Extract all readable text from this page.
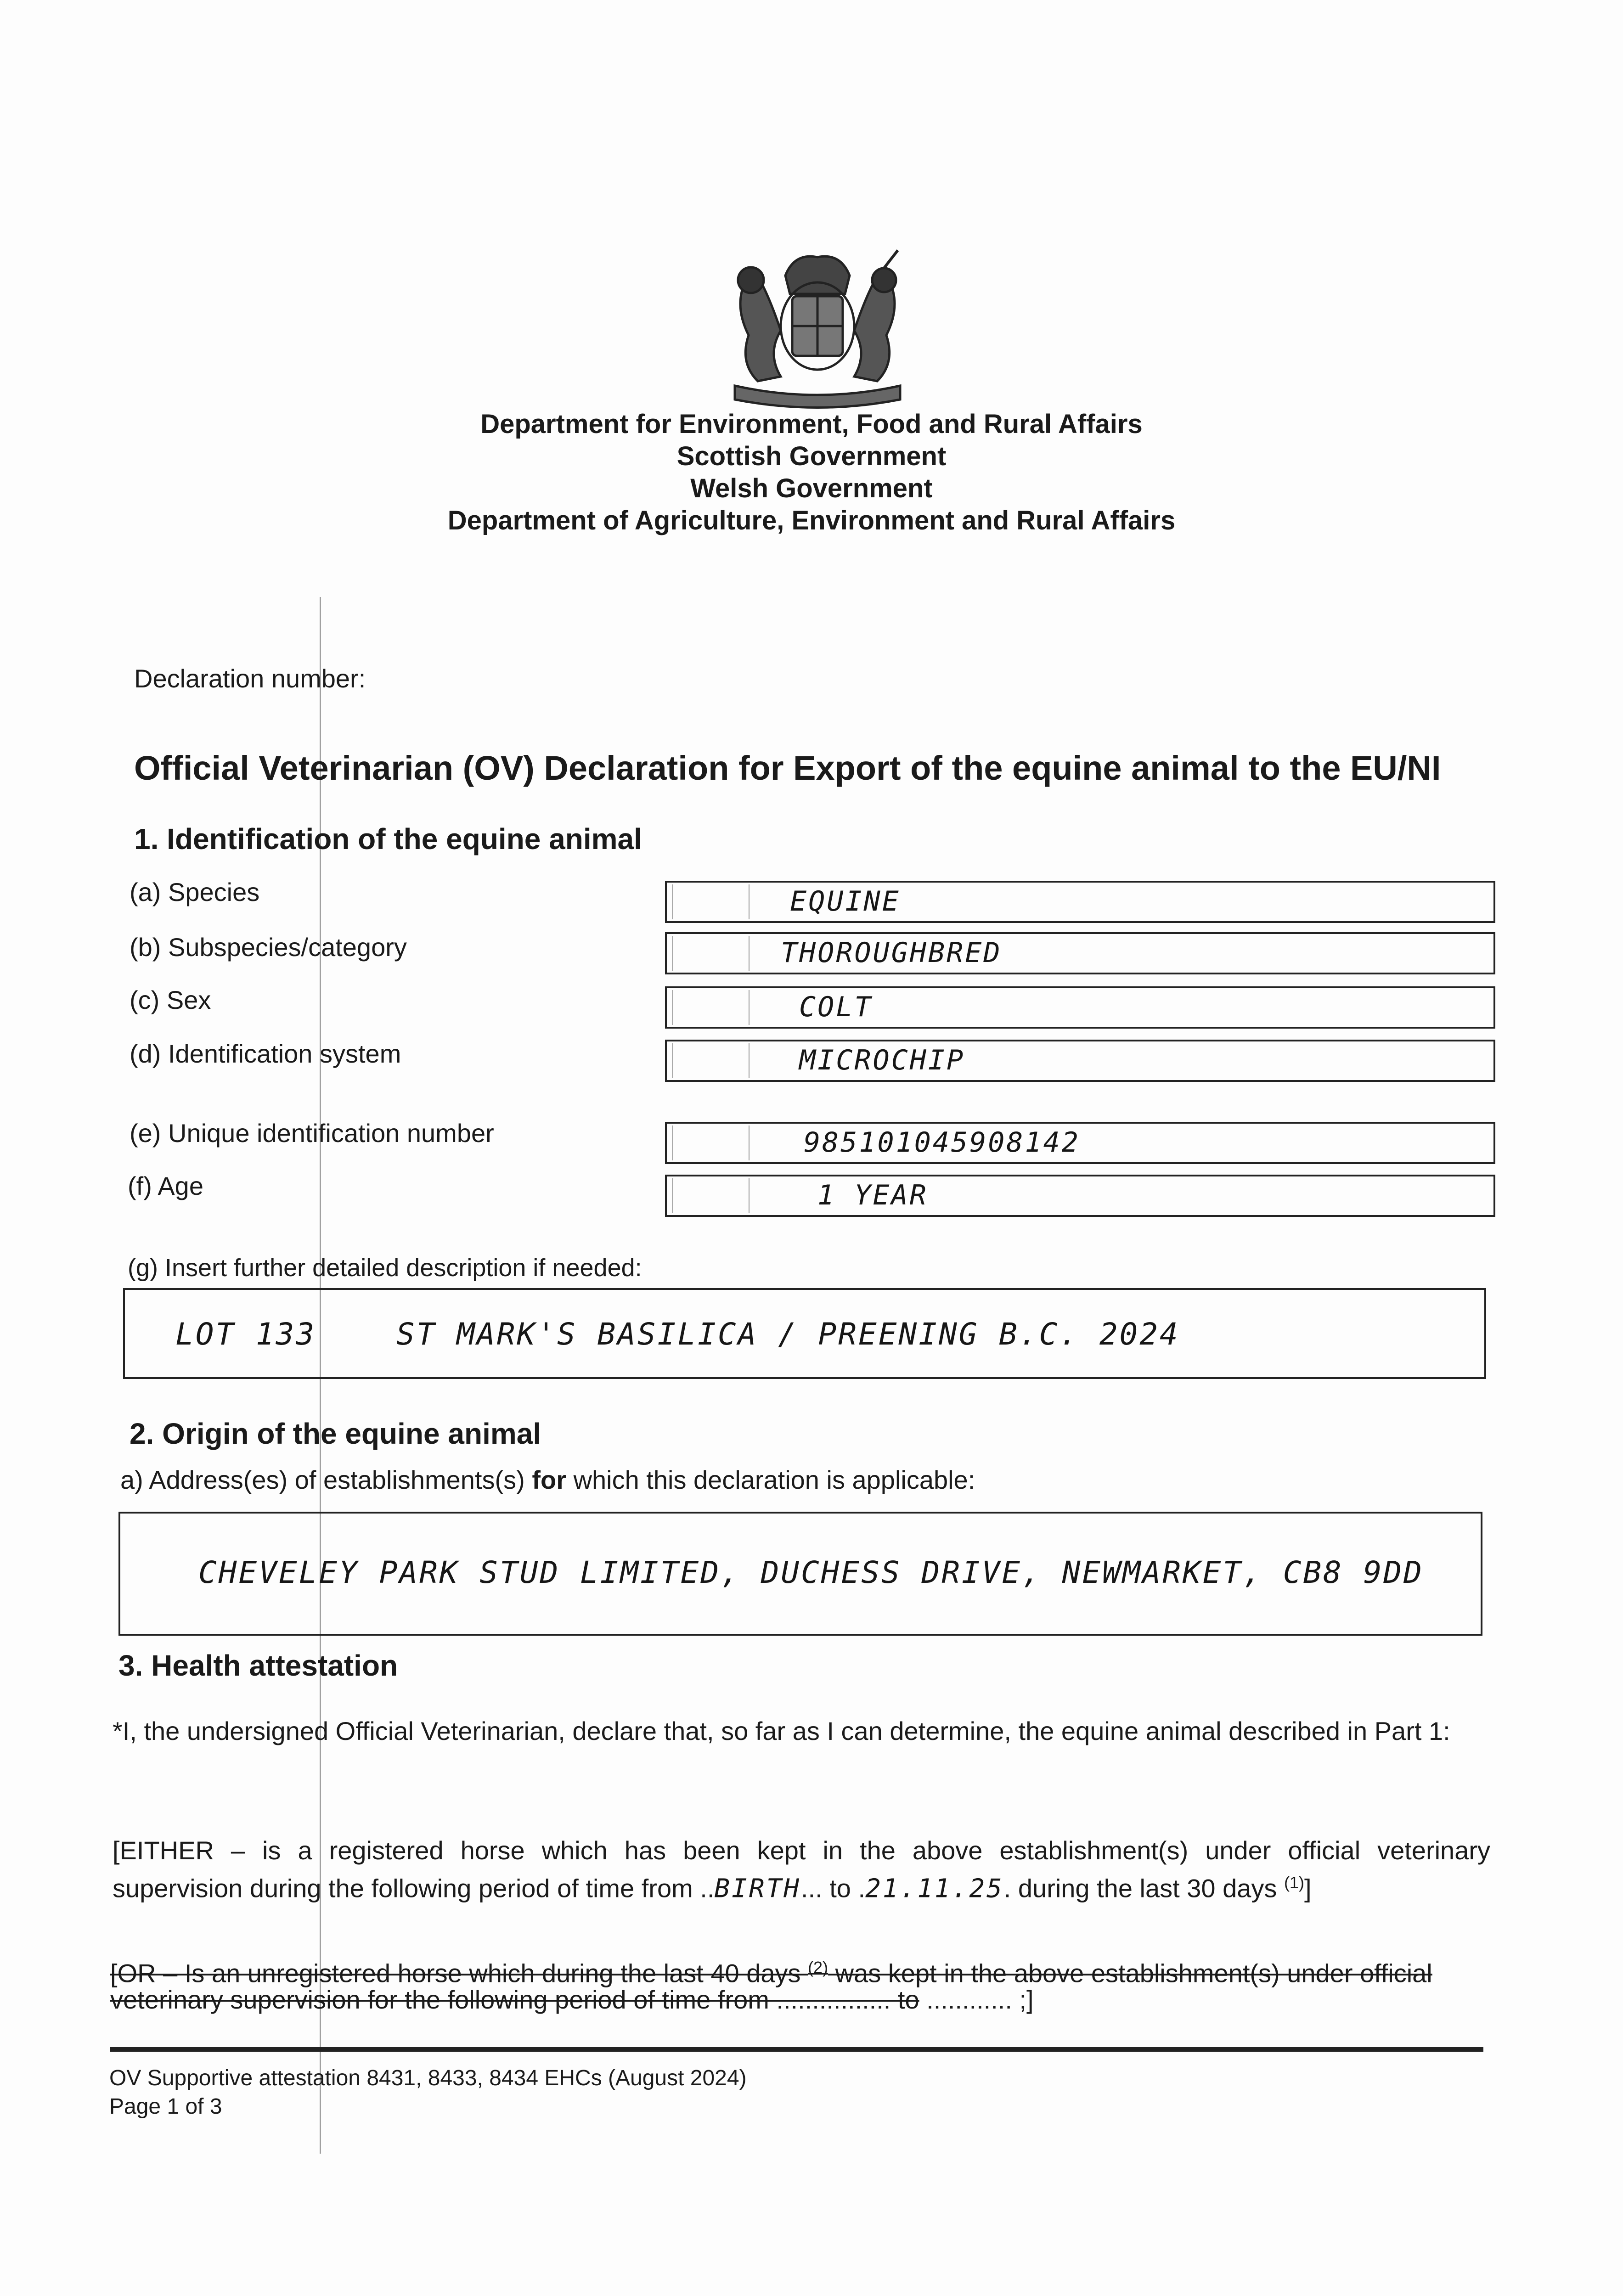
Department for Environment, Food and Rural Affairs
Scottish Government
Welsh Government
Department of Agriculture, Environment and Rural Affairs
Declaration number:
Official Veterinarian (OV) Declaration for Export of the equine animal to the EU/NI
1. Identification of the equine animal
(a) Species	EQUINE
(b) Subspecies/category	THOROUGHBRED
(c) Sex	COLT
(d) Identification system	MICROCHIP
(e) Unique identification number	985101045908142
(f) Age	1 YEAR
(g) Insert further detailed description if needed:
LOT 133    ST MARK'S BASILICA / PREENING B.C. 2024
2. Origin of the equine animal
a) Address(es) of establishments(s) for which this declaration is applicable:
CHEVELEY PARK STUD LIMITED, DUCHESS DRIVE, NEWMARKET, CB8 9DD
3. Health attestation
*I, the undersigned Official Veterinarian, declare that, so far as I can determine, the equine animal described in Part 1:
[EITHER – is a registered horse which has been kept in the above establishment(s) under official veterinary
supervision during the following period of time from ..BIRTH... to .21.11.25. during the last 30 days $^{(1)}$]
[OR – Is an unregistered horse which during the last 40 days $^{(2)}$ was kept in the above establishment(s) under official
veterinary supervision for the following period of time from ................ to ............ ;]
OV Supportive attestation 8431, 8433, 8434 EHCs (August 2024)
Page 1 of 3
